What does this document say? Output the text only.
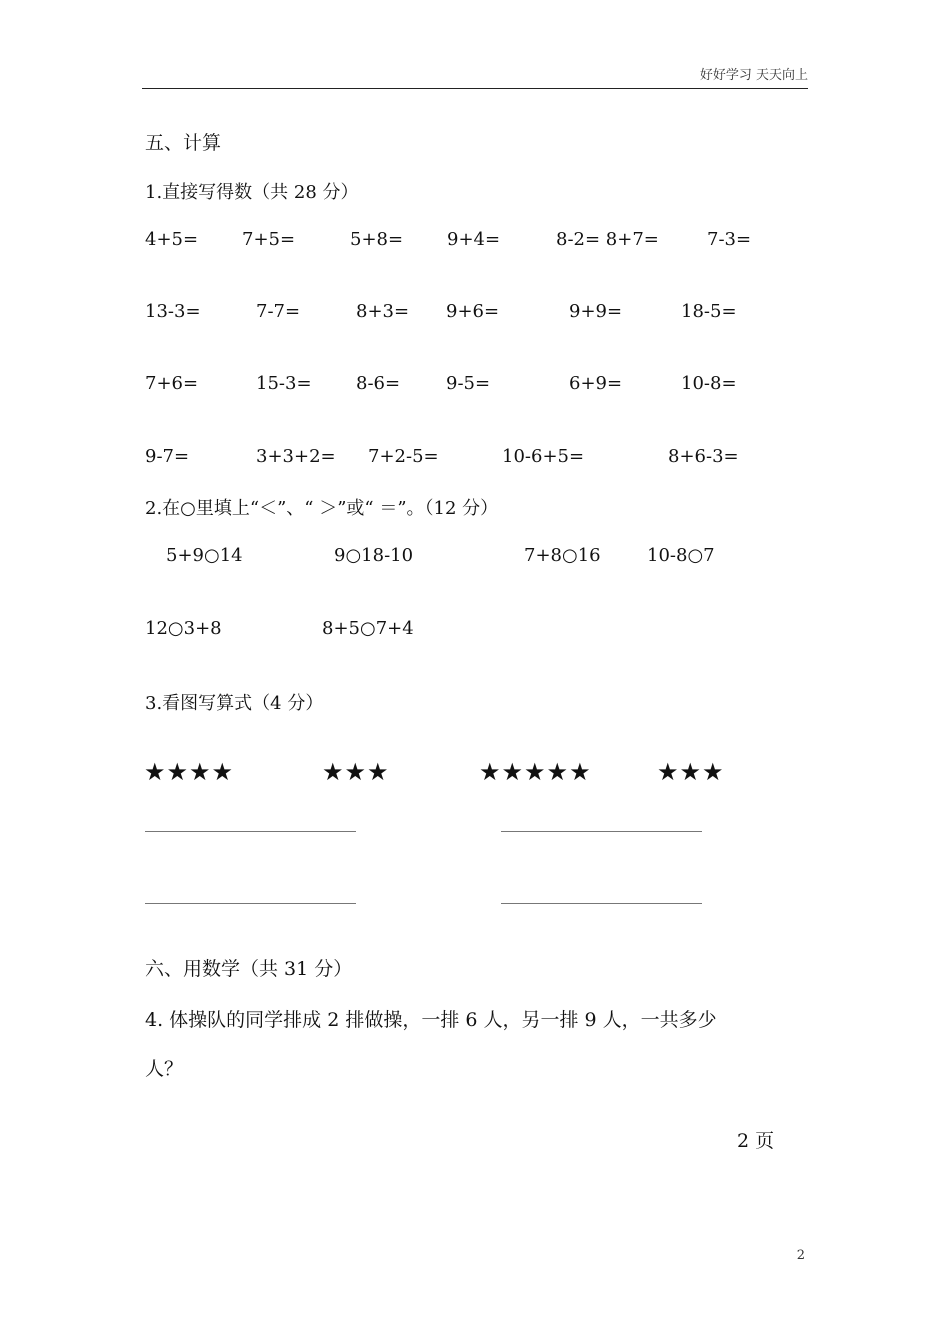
好好学习 天天向上
五、计算
1.直接写得数（共 28 分）
4+5= 7+5=	5+8= 9+4=	8-2= 8+7=	7-3=
13-3=	7-7=	8+3= 9+6=	9+9=	18-5=
7+6=	15-3= 8-6=	9-5=	6+9=	10-8=
9-7=	3+3+2= 7+2-5=	10-6+5=	8+6-3=
2.在○里填上“＜”、“ ＞”或“ ＝”。（12 分）
5+9○14	9○18-10	7+8○16	10-8○7
12○3+8	8+5○7+4
3.看图写算式（4 分）
★★★★	★★★	★★★★★	★★★
六、用数学（共 31 分）
4. 体操队的同学排成 2 排做操，一排 6 人，另一排 9 人，一共多少
人？
2 页
2
